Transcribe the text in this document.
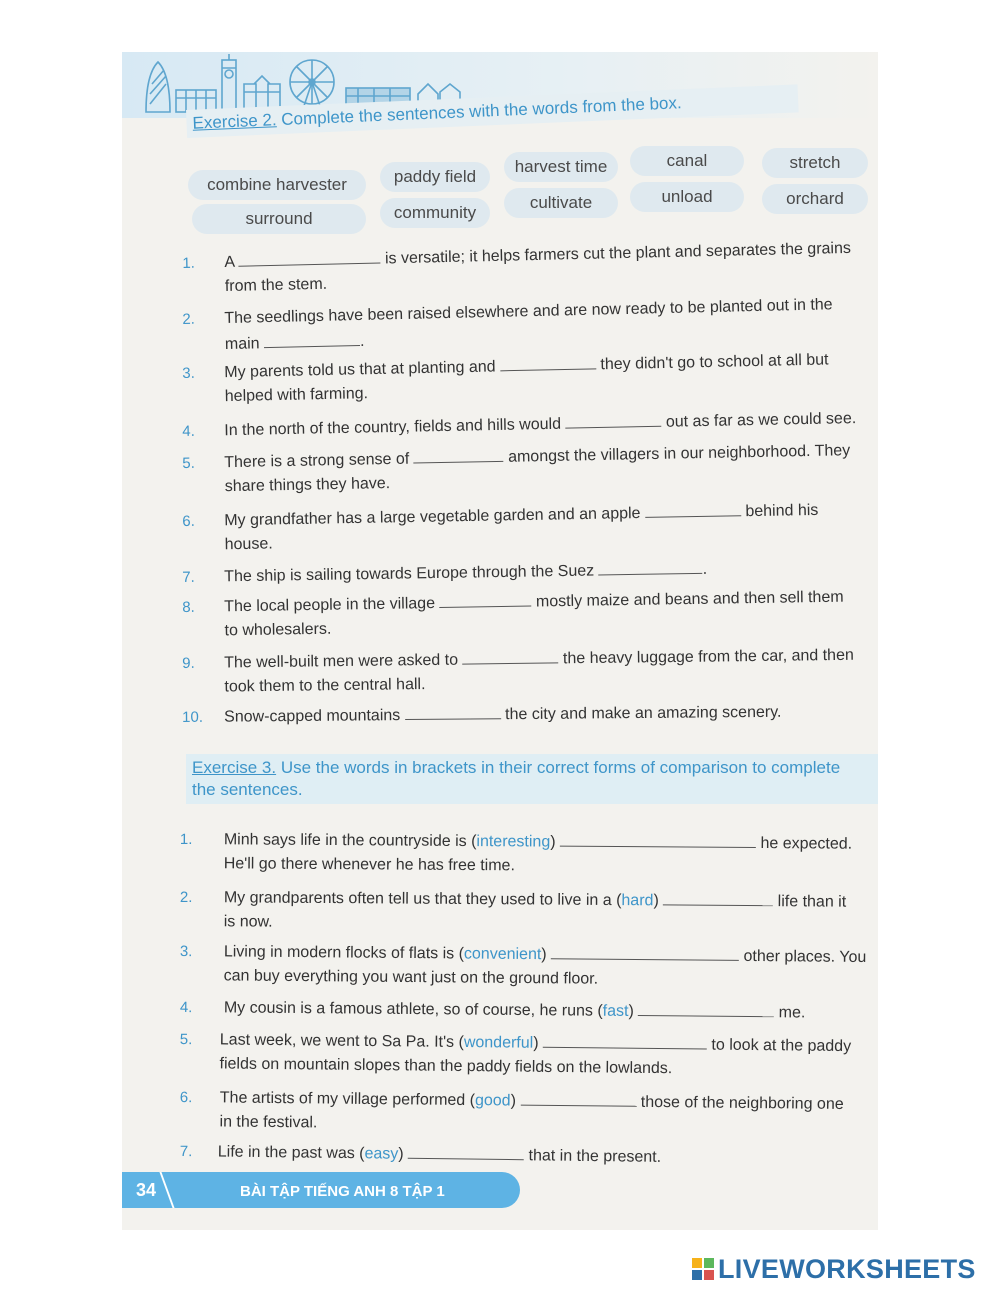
Exercise 2. Complete the sentences with the words from the box.
combine harvester	paddy field
harvest time	canal	stretch
surround	community
cultivate	unload	orchard
1. A	is versatile; it helps farmers cut the plant and separates the grains
from the stem.
2. The seedlings have been raised elsewhere and are now ready to be planted out in the
main	.
3. My parents told us that at planting and	they didn't go to school at all but
helped with farming.
4. In the north of the country, fields and hills would	out as far as we could see.
5. There is a strong sense of	amongst the villagers in our neighborhood. They
share things they have.
6. My grandfather has a large vegetable garden and an apple	behind his
house.
7. The ship is sailing towards Europe through the Suez	.
8. The local people in the village	mostly maize and beans and then sell them
to wholesalers.
9. The well-built men were asked to	the heavy luggage from the car, and then
took them to the central hall.
10. Snow-capped mountains	the city and make an amazing scenery.
Exercise 3. Use the words in brackets in their correct forms of comparison to complete
the sentences.
1. Minh says life in the countryside is (interesting)	he expected.
He'll go there whenever he has free time.
2. My grandparents often tell us that they used to live in a (hard)	life than it
is now.
3. Living in modern flocks of flats is (convenient)	other places. You
can buy everything you want just on the ground floor.
4. My cousin is a famous athlete, so of course, he runs (fast)	me.
5. Last week, we went to Sa Pa. It's (wonderful)	to look at the paddy
fields on mountain slopes than the paddy fields on the lowlands.
6. The artists of my village performed (good)	those of the neighboring one
in the festival.
7. Life in the past was (easy)	that in the present.
34	BÀI TẬP TIẾNG ANH 8 TẬP 1
LIVEWORKSHEETS
